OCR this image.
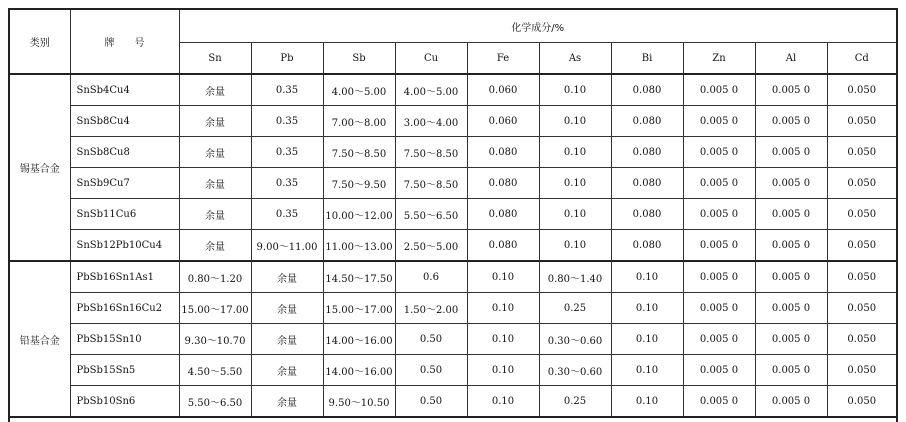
类别	牌　　号	化学成分/%									
		Sn	Pb	Sb	Cu	Fe	As	Bi	Zn	Al	Cd
锡基合金	SnSb4Cu4	余量	0.35	4.00～5.00	4.00～5.00	0.060	0.10	0.080	0.005 0	0.005 0	0.050
	SnSb8Cu4	余量	0.35	7.00～8.00	3.00～4.00	0.060	0.10	0.080	0.005 0	0.005 0	0.050
	SnSb8Cu8	余量	0.35	7.50～8.50	7.50～8.50	0.080	0.10	0.080	0.005 0	0.005 0	0.050
	SnSb9Cu7	余量	0.35	7.50～9.50	7.50～8.50	0.080	0.10	0.080	0.005 0	0.005 0	0.050
	SnSb11Cu6	余量	0.35	10.00～12.00	5.50～6.50	0.080	0.10	0.080	0.005 0	0.005 0	0.050
	SnSb12Pb10Cu4	余量	9.00～11.00	11.00～13.00	2.50～5.00	0.080	0.10	0.080	0.005 0	0.005 0	0.050
铅基合金	PbSb16Sn1As1	0.80～1.20	余量	14.50～17.50	0.6	0.10	0.80～1.40	0.10	0.005 0	0.005 0	0.050
	PbSb16Sn16Cu2	15.00～17.00	余量	15.00～17.00	1.50～2.00	0.10	0.25	0.10	0.005 0	0.005 0	0.050
	PbSb15Sn10	9.30～10.70	余量	14.00～16.00	0.50	0.10	0.30～0.60	0.10	0.005 0	0.005 0	0.050
	PbSb15Sn5	4.50～5.50	余量	14.00～16.00	0.50	0.10	0.30～0.60	0.10	0.005 0	0.005 0	0.050
	PbSb10Sn6	5.50～6.50	余量	9.50～10.50	0.50	0.10	0.25	0.10	0.005 0	0.005 0	0.050
